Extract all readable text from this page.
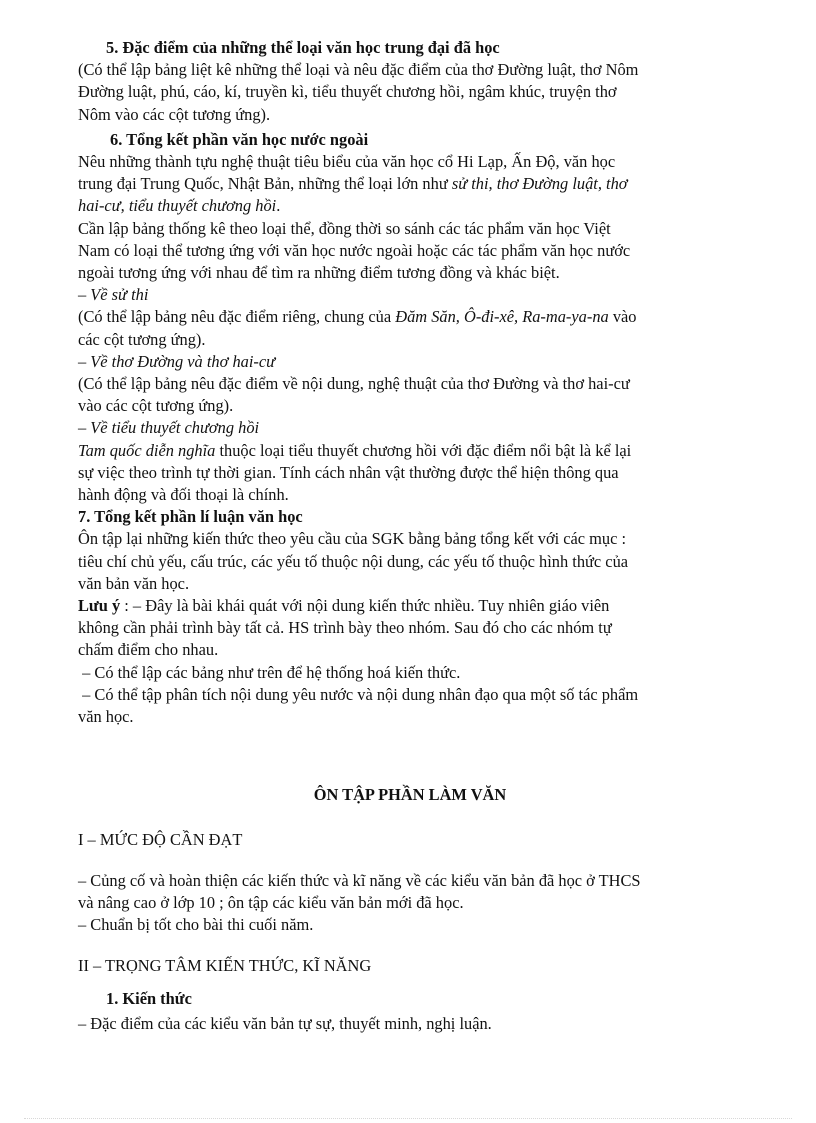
5. Đặc điểm của những thể loại văn học trung đại đã học

(Có thể lập bảng liệt kê những thể loại và nêu đặc điểm của thơ Đường luật, thơ Nôm

Đường luật, phú, cáo, kí, truyền kì, tiểu thuyết chương hồi, ngâm khúc, truyện thơ

Nôm vào các cột tương ứng).

6. Tổng kết phần văn học nước ngoài

Nêu những thành tựu nghệ thuật tiêu biểu của văn học cổ Hi Lạp, Ấn Độ, văn học

trung đại Trung Quốc, Nhật Bản, những thể loại lớn như sử thi, thơ Đường luật, thơ

hai-cư, tiểu thuyết chương hồi.

Cần lập bảng thống kê theo loại thể, đồng thời so sánh các tác phẩm văn học Việt

Nam có loại thể tương ứng với văn học nước ngoài hoặc các tác phẩm văn học nước

ngoài tương ứng với nhau để tìm ra những điểm tương đồng và khác biệt.

– Về sử thi

(Có thể lập bảng nêu đặc điểm riêng, chung của Đăm Săn, Ô-đi-xê, Ra-ma-ya-na vào

các cột tương ứng).

– Về thơ Đường và thơ hai-cư

(Có thể lập bảng nêu đặc điểm về nội dung, nghệ thuật của thơ Đường và thơ hai-cư

vào các cột tương ứng).

– Về tiểu thuyết chương hồi

Tam quốc diễn nghĩa thuộc loại tiểu thuyết chương hồi với đặc điểm nổi bật là kể lại

sự việc theo trình tự thời gian. Tính cách nhân vật thường được thể hiện thông qua

hành động và đối thoại là chính.

7. Tổng kết phần lí luận văn học

Ôn tập lại những kiến thức theo yêu cầu của SGK bằng bảng tổng kết với các mục :

tiêu chí chủ yếu, cấu trúc, các yếu tố thuộc nội dung, các yếu tố thuộc hình thức của

văn bản văn học.

Lưu ý : – Đây là bài khái quát với nội dung kiến thức nhiều. Tuy nhiên giáo viên

không cần phải trình bày tất cả. HS trình bày theo nhóm. Sau đó cho các nhóm tự

chấm điểm cho nhau.

– Có thể lập các bảng như trên để hệ thống hoá kiến thức.

– Có thể tập phân tích nội dung yêu nước và nội dung nhân đạo qua một số tác phẩm

văn học.

ÔN TẬP PHẦN LÀM VĂN

I – MỨC ĐỘ CẦN ĐẠT

– Củng cố và hoàn thiện các kiến thức và kĩ năng về các kiểu văn bản đã học ở THCS

và nâng cao ở lớp 10 ; ôn tập các kiểu văn bản mới đã học.

– Chuẩn bị tốt cho bài thi cuối năm.

II – TRỌNG TÂM KIẾN THỨC, KĨ NĂNG

1. Kiến thức

– Đặc điểm của các kiểu văn bản tự sự, thuyết minh, nghị luận.
